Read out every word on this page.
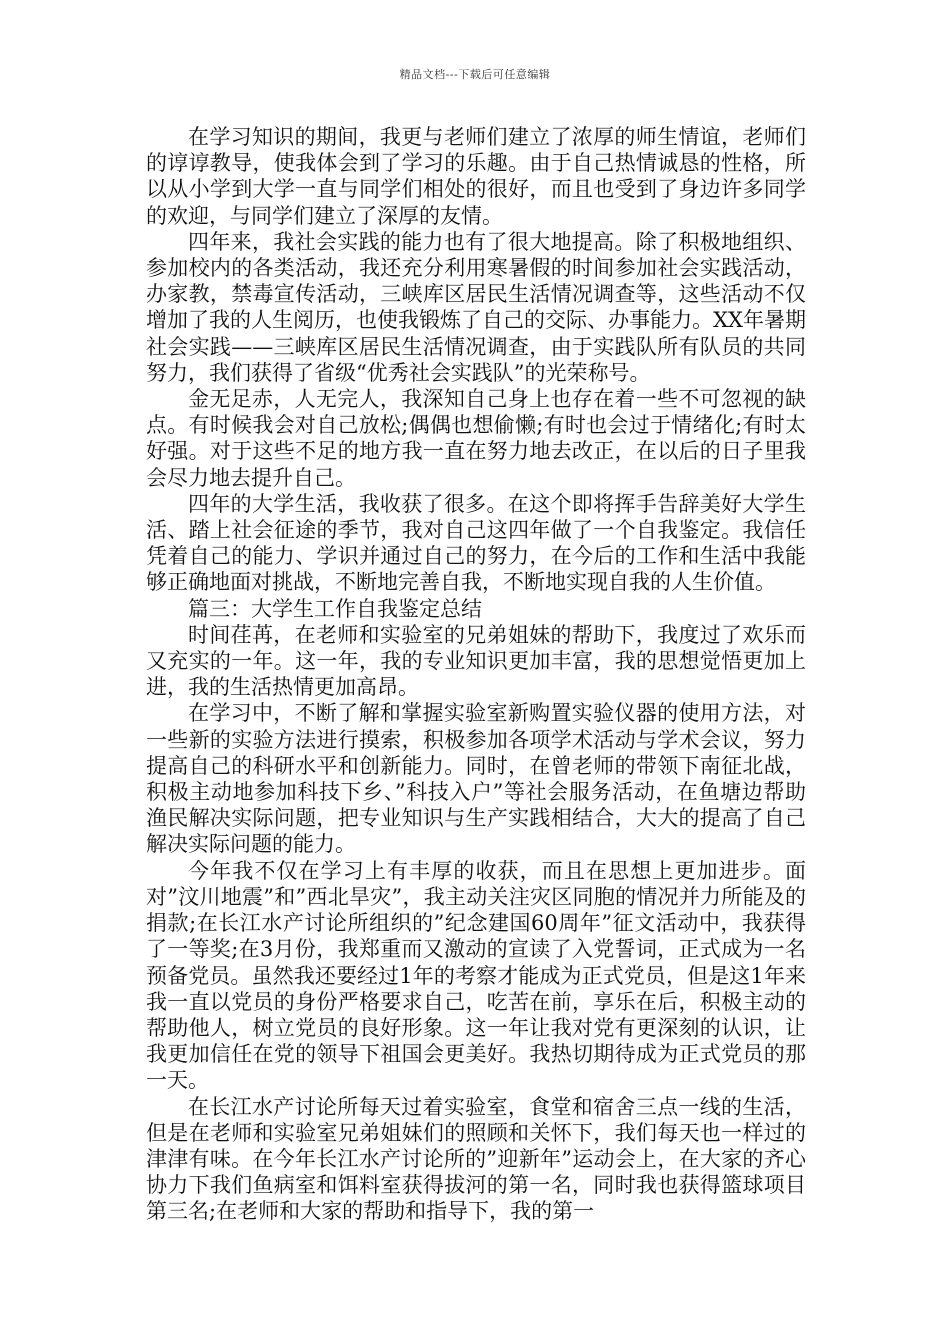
精品文档---下载后可任意编辑

在学习知识的期间，我更与老师们建立了浓厚的师生情谊，老师们的谆谆教导，使我体会到了学习的乐趣。由于自己热情诚恳的性格，所以从小学到大学一直与同学们相处的很好，而且也受到了身边许多同学的欢迎，与同学们建立了深厚的友情。

四年来，我社会实践的能力也有了很大地提高。除了积极地组织、参加校内的各类活动，我还充分利用寒暑假的时间参加社会实践活动，办家教，禁毒宣传活动，三峡库区居民生活情况调查等，这些活动不仅增加了我的人生阅历，也使我锻炼了自己的交际、办事能力。XX年暑期社会实践——三峡库区居民生活情况调查，由于实践队所有队员的共同努力，我们获得了省级“优秀社会实践队”的光荣称号。

金无足赤，人无完人，我深知自己身上也存在着一些不可忽视的缺点。有时候我会对自己放松;偶偶也想偷懒;有时也会过于情绪化;有时太好强。对于这些不足的地方我一直在努力地去改正，在以后的日子里我会尽力地去提升自己。

四年的大学生活，我收获了很多。在这个即将挥手告辞美好大学生活、踏上社会征途的季节，我对自己这四年做了一个自我鉴定。我信任凭着自己的能力、学识并通过自己的努力，在今后的工作和生活中我能够正确地面对挑战，不断地完善自我，不断地实现自我的人生价值。

篇三：大学生工作自我鉴定总结

时间荏苒，在老师和实验室的兄弟姐妹的帮助下，我度过了欢乐而又充实的一年。这一年，我的专业知识更加丰富，我的思想觉悟更加上进，我的生活热情更加高昂。

在学习中，不断了解和掌握实验室新购置实验仪器的使用方法，对一些新的实验方法进行摸索，积极参加各项学术活动与学术会议，努力提高自己的科研水平和创新能力。同时，在曾老师的带领下南征北战，积极主动地参加科技下乡、”科技入户”等社会服务活动，在鱼塘边帮助渔民解决实际问题，把专业知识与生产实践相结合，大大的提高了自己解决实际问题的能力。

今年我不仅在学习上有丰厚的收获，而且在思想上更加进步。面对”汶川地震”和”西北旱灾”，我主动关注灾区同胞的情况并力所能及的捐款;在长江水产讨论所组织的”纪念建国60周年”征文活动中，我获得了一等奖;在3月份，我郑重而又激动的宣读了入党誓词，正式成为一名预备党员。虽然我还要经过1年的考察才能成为正式党员，但是这1年来我一直以党员的身份严格要求自己，吃苦在前，享乐在后，积极主动的帮助他人，树立党员的良好形象。这一年让我对党有更深刻的认识，让我更加信任在党的领导下祖国会更美好。我热切期待成为正式党员的那一天。

在长江水产讨论所每天过着实验室，食堂和宿舍三点一线的生活，但是在老师和实验室兄弟姐妹们的照顾和关怀下，我们每天也一样过的津津有味。在今年长江水产讨论所的”迎新年”运动会上，在大家的齐心协力下我们鱼病室和饵料室获得拔河的第一名，同时我也获得篮球项目第三名;在老师和大家的帮助和指导下，我的第一
